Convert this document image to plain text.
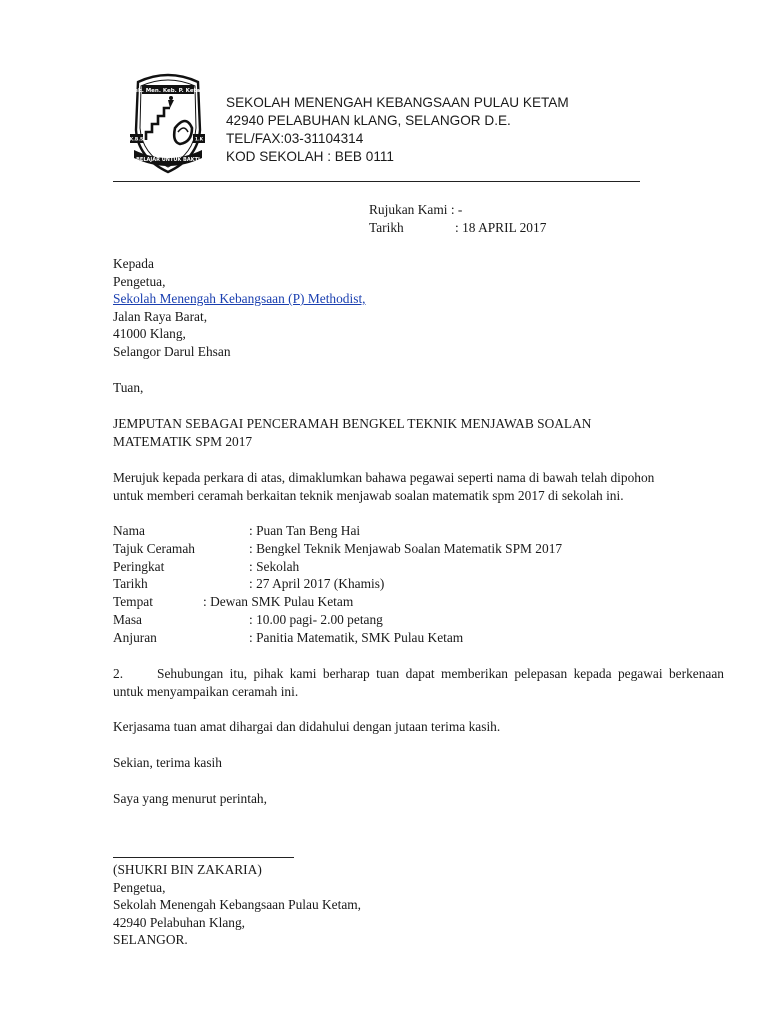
Sek. Men. Keb. P. Ketam
K.B.S	1.K
BELAJAR UNTUK BAKTI
SEKOLAH MENENGAH KEBANGSAAN PULAU KETAM
42940 PELABUHAN kLANG, SELANGOR D.E.
TEL/FAX:03-31104314
KOD SEKOLAH : BEB 0111
Rujukan Kami : -
Tarikh	: 18 APRIL 2017
Kepada
Pengetua,
Sekolah Menengah Kebangsaan (P) Methodist,
Jalan Raya Barat,
41000 Klang,
Selangor Darul Ehsan
Tuan,
JEMPUTAN SEBAGAI PENCERAMAH BENGKEL TEKNIK MENJAWAB SOALAN
MATEMATIK SPM 2017
Merujuk kepada perkara di atas, dimaklumkan bahawa pegawai seperti nama di bawah telah dipohon
untuk memberi ceramah berkaitan teknik menjawab soalan matematik spm 2017 di sekolah ini.
Nama	: Puan Tan Beng Hai
Tajuk Ceramah	: Bengkel Teknik Menjawab Soalan Matematik SPM 2017
Peringkat	: Sekolah
Tarikh	: 27 April 2017 (Khamis)
Tempat	: Dewan SMK Pulau Ketam
Masa	: 10.00 pagi- 2.00 petang
Anjuran	: Panitia Matematik, SMK Pulau Ketam
2.	Sehubungan itu, pihak kami berharap tuan dapat memberikan pelepasan kepada pegawai berkenaan untuk menyampaikan ceramah ini.
Kerjasama tuan amat dihargai dan didahului dengan jutaan terima kasih.
Sekian, terima kasih
Saya yang menurut perintah,
(SHUKRI BIN ZAKARIA)
Pengetua,
Sekolah Menengah Kebangsaan Pulau Ketam,
42940 Pelabuhan Klang,
SELANGOR.
